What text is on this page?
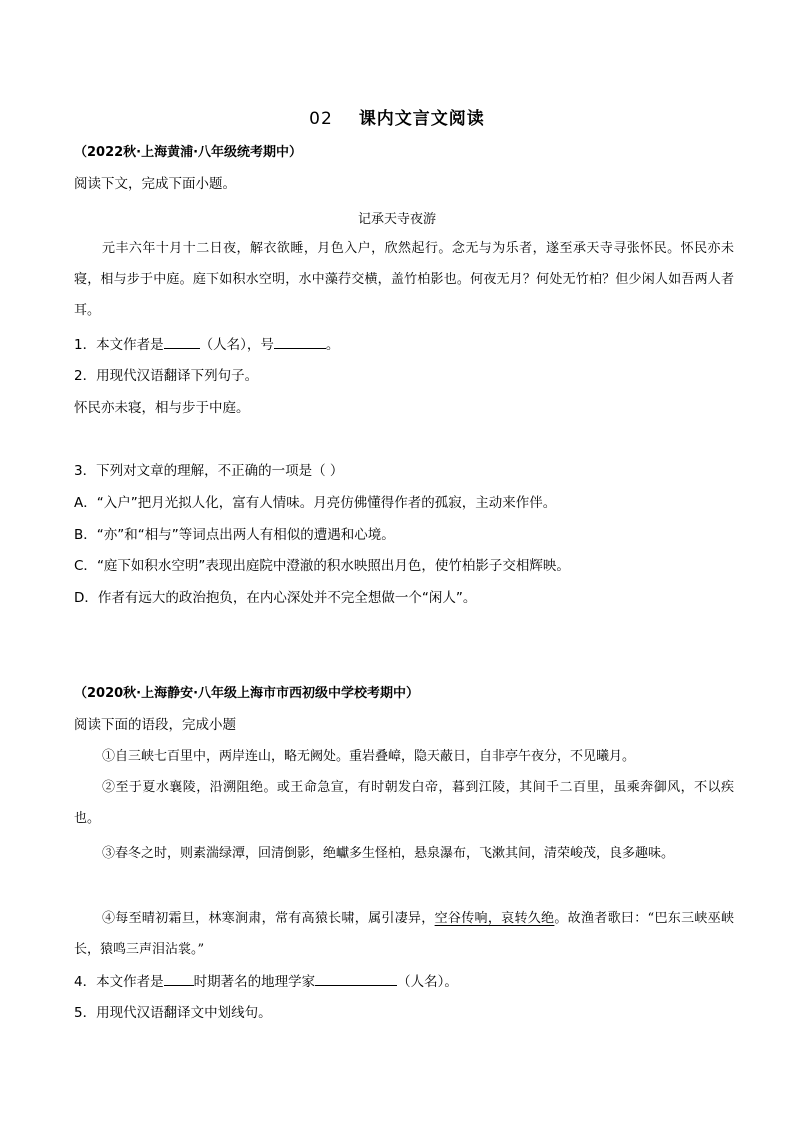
02 课内文言文阅读
（2022秋·上海黄浦·八年级统考期中）
阅读下文，完成下面小题。
记承天寺夜游
元丰六年十月十二日夜，解衣欲睡，月色入户，欣然起行。念无与为乐者，遂至承天寺寻张怀民。怀民亦未寝，相与步于中庭。庭下如积水空明，水中藻荇交横，盖竹柏影也。何夜无月？何处无竹柏？但少闲人如吾两人者耳。
1．本文作者是	（人名），号	。
2．用现代汉语翻译下列句子。
怀民亦未寝，相与步于中庭。
3．下列对文章的理解，不正确的一项是（ ）
A．“入户”把月光拟人化，富有人情味。月亮仿佛懂得作者的孤寂，主动来作伴。
B．“亦”和“相与”等词点出两人有相似的遭遇和心境。
C．“庭下如积水空明”表现出庭院中澄澈的积水映照出月色，使竹柏影子交相辉映。
D．作者有远大的政治抱负，在内心深处并不完全想做一个“闲人”。
（2020秋·上海静安·八年级上海市市西初级中学校考期中）
阅读下面的语段，完成小题
①自三峡七百里中，两岸连山，略无阙处。重岩叠嶂，隐天蔽日，自非亭午夜分，不见曦月。
②至于夏水襄陵，沿溯阻绝。或王命急宣，有时朝发白帝，暮到江陵，其间千二百里，虽乘奔御风，不以疾也。
③春冬之时，则素湍绿潭，回清倒影，绝巘多生怪柏，悬泉瀑布，飞漱其间，清荣峻茂，良多趣味。
④每至晴初霜旦，林寒涧肃，常有高猿长啸，属引凄异，空谷传响，哀转久绝。故渔者歌曰：“巴东三峡巫峡长，猿鸣三声泪沾裳。”
4．本文作者是 时期著名的地理学家	（人名）。
5．用现代汉语翻译文中划线句。
